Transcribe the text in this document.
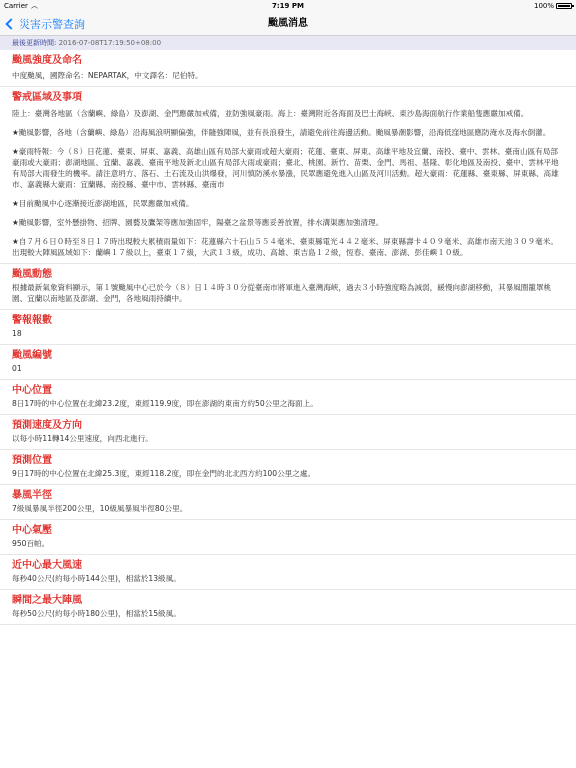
Carrier ︵	7:19 PM	100%
災害示警查詢	颱風消息
最後更新時間: 2016-07-08T17:19:50+08:00
颱風強度及命名
中度颱風，國際命名：NEPARTAK，中文譯名：尼伯特。
警戒區域及事項

陸上：臺灣各地區（含蘭嶼、綠島）及澎湖、金門應嚴加戒備，並防強風豪雨。海上：臺灣附近各海面及巴士海峽、東沙島海面航行作業船隻應嚴加戒備。

★颱風影響，各地（含蘭嶼、綠島）沿海風浪明顯偏強，伴隨強陣風，並有長浪發生，請避免前往海邊活動。颱風暴潮影響，沿海低窪地區應防淹水及海水倒灌。

★豪雨特報：今（８）日花蓮、臺東、屏東、嘉義、高雄山區有局部大豪雨或超大豪雨；花蓮、臺東、屏東、高雄平地及宜蘭、南投、臺中、雲林、臺南山區有局部豪雨或大豪雨；澎湖地區、宜蘭、嘉義、臺南平地及新北山區有局部大雨或豪雨；臺北、桃園、新竹、苗栗、金門、馬祖、基隆、彰化地區及南投、臺中、雲林平地有局部大雨發生的機率。請注意坍方、落石、土石流及山洪爆發，河川慎防溪水暴漲，民眾應避免進入山區及河川活動。超大豪雨：花蓮縣、臺東縣、屏東縣、高雄市、嘉義縣大豪雨：宜蘭縣、南投縣、臺中市、雲林縣、臺南市

★目前颱風中心逐漸接近澎湖地區，民眾應嚴加戒備。

★颱風影響，室外懸掛物、招牌、園藝及鷹架等應加強固牢，陽臺之盆景等應妥善放置，排水溝渠應加強清理。

★自７月６日０時至８日１７時出現較大累積雨量如下：花蓮縣六十石山５５４毫米、臺東縣電光４４２毫米、屏東縣壽卡４０９毫米、高雄市南天池３０９毫米。出現較大陣風區域如下：蘭嶼１７級以上，臺東１７級，大武１３級，成功、高雄、東吉島１２級，恆春、臺南、澎湖、彭佳嶼１０級。

颱風動態
根據最新氣象資料顯示，第１號颱風中心已於今（８）日１４時３０分從臺南市將軍進入臺灣海峽，過去３小時強度略為減弱，緩慢向澎湖移動，其暴風圈籠罩桃園、宜蘭以南地區及澎湖、金門，各地風雨持續中。
警報報數
18
颱風編號
01
中心位置
8日17時的中心位置在北緯23.2度，東經119.9度，即在澎湖的東南方約50公里之海面上。
預測速度及方向
以每小時11轉14公里速度，向西北進行。
預測位置
9日17時的中心位置在北緯25.3度，東經118.2度，即在金門的北北西方約100公里之處。
暴風半徑
7級風暴風半徑200公里，10級風暴風半徑80公里。
中心氣壓
950百帕。
近中心最大風速
每秒40公尺(約每小時144公里)，相當於13級風。
瞬間之最大陣風
每秒50公尺(約每小時180公里)，相當於15級風。
